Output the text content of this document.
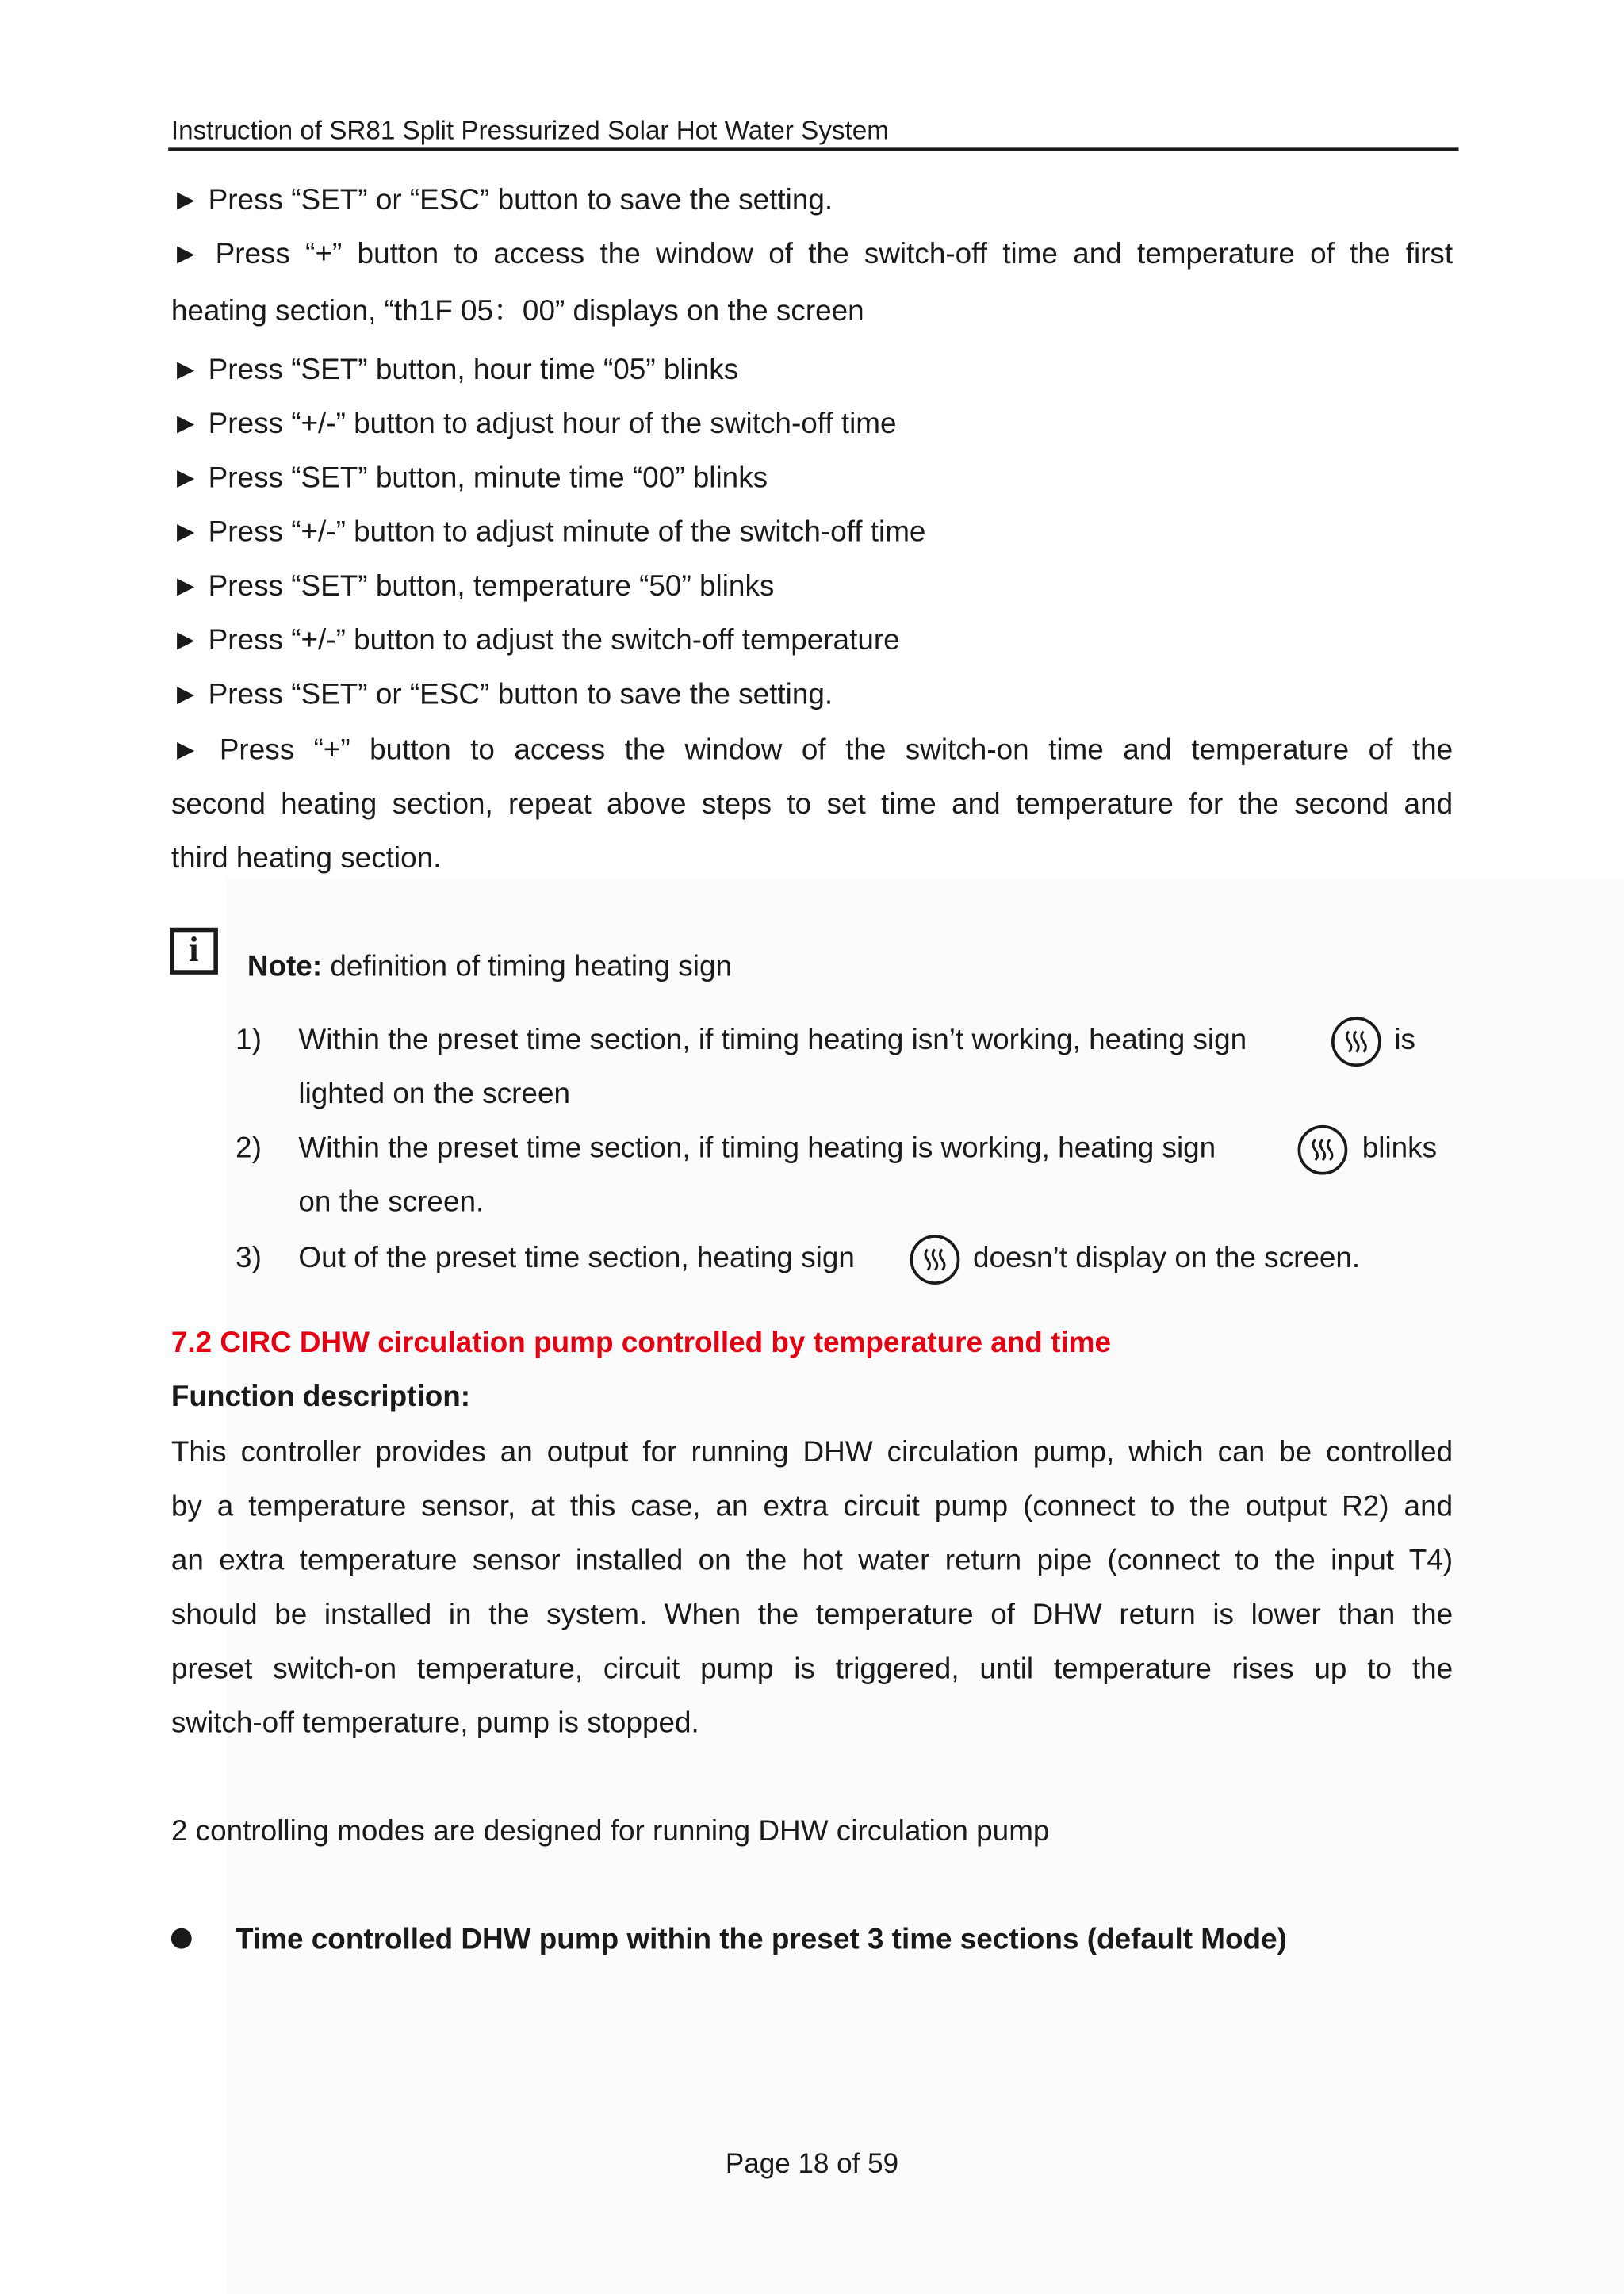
Instruction of SR81 Split Pressurized Solar Hot Water System
► Press “SET” or “ESC” button to save the setting.
► Press “+” button to access the window of the switch-off time and temperature of the first
heating section, “th1F 05：00” displays on the screen
► Press “SET” button, hour time “05” blinks
► Press “+/-” button to adjust hour of the switch-off time
► Press “SET” button, minute time “00” blinks
► Press “+/-” button to adjust minute of the switch-off time
► Press “SET” button, temperature “50” blinks
► Press “+/-” button to adjust the switch-off temperature
► Press “SET” or “ESC” button to save the setting.
► Press “+” button to access the window of the switch-on time and temperature of the
second heating section, repeat above steps to set time and temperature for the second and
third heating section.
i	Note: definition of timing heating sign
1) Within the preset time section, if timing heating isn’t working, heating sign	is
lighted on the screen
2) Within the preset time section, if timing heating is working, heating sign	blinks
on the screen.
3) Out of the preset time section, heating sign	doesn’t display on the screen.
7.2 CIRC DHW circulation pump controlled by temperature and time
Function description:
This controller provides an output for running DHW circulation pump, which can be controlled
by a temperature sensor, at this case, an extra circuit pump (connect to the output R2) and
an extra temperature sensor installed on the hot water return pipe (connect to the input T4)
should be installed in the system. When the temperature of DHW return is lower than the
preset switch-on temperature, circuit pump is triggered, until temperature rises up to the
switch-off temperature, pump is stopped.
2 controlling modes are designed for running DHW circulation pump
Time controlled DHW pump within the preset 3 time sections (default Mode)
Page 18 of 59
